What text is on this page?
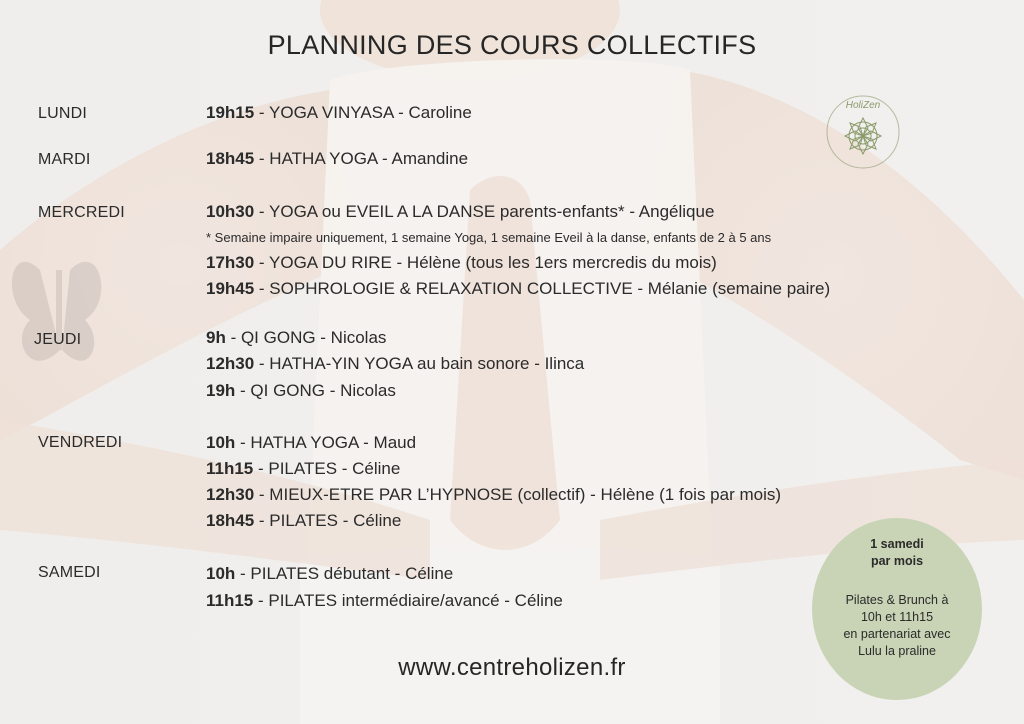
HoliZen
PLANNING DES COURS COLLECTIFS
LUNDI	19h15 - YOGA VINYASA - Caroline
MARDI	18h45 - HATHA YOGA - Amandine
MERCREDI	10h30 - YOGA ou EVEIL A LA DANSE parents-enfants* - Angélique
* Semaine impaire uniquement, 1 semaine Yoga, 1 semaine Eveil à la danse, enfants de 2 à 5 ans
17h30 - YOGA DU RIRE - Hélène (tous les 1ers mercredis du mois)
19h45 - SOPHROLOGIE & RELAXATION COLLECTIVE - Mélanie (semaine paire)
JEUDI	9h - QI GONG - Nicolas
12h30 - HATHA-YIN YOGA au bain sonore - Ilinca
19h - QI GONG - Nicolas
VENDREDI	10h - HATHA YOGA - Maud
11h15 - PILATES - Céline
12h30 - MIEUX-ETRE PAR L’HYPNOSE (collectif) - Hélène (1 fois par mois)
18h45 - PILATES - Céline
SAMEDI	10h - PILATES débutant - Céline
11h15 - PILATES intermédiaire/avancé - Céline
1 samedi
par mois
Pilates & Brunch à
10h et 11h15
en partenariat avec
Lulu la praline
www.centreholizen.fr
